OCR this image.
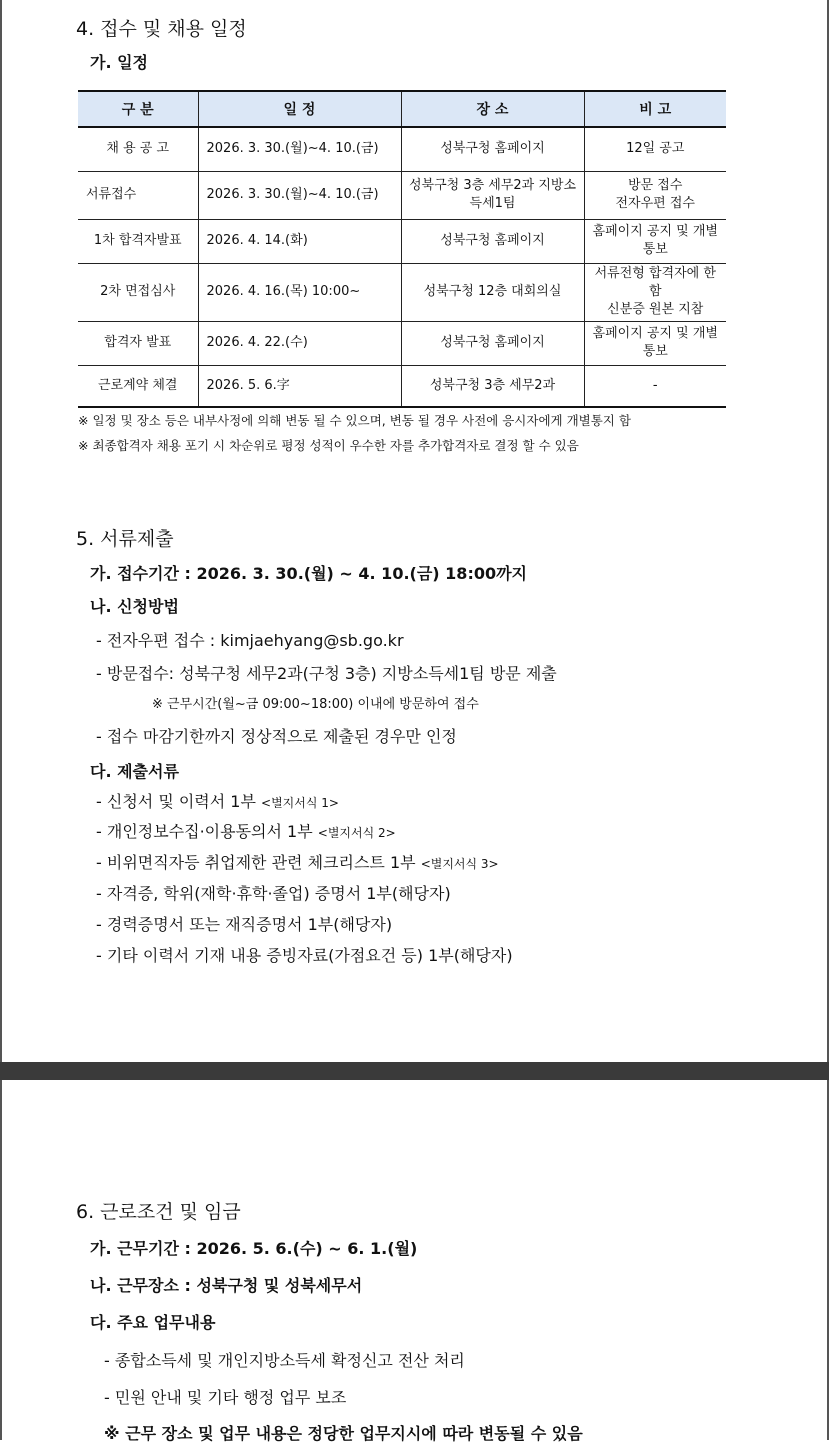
4. 접수 및 채용 일정
가. 일정
구 분	일 정	장 소	비 고
채 용 공 고	2026. 3. 30.(월)~4. 10.(금)	성북구청 홈페이지	12일 공고
서류접수	2026. 3. 30.(월)~4. 10.(금)	성북구청 3층 세무2과 지방소득세1팀	방문 접수
전자우편 접수

1차 합격자발표	2026. 4. 14.(화)	성북구청 홈페이지	홈페이지 공지 및 개별통보
2차 면접심사	2026. 4. 16.(목) 10:00~	성북구청 12층 대회의실	서류전형 합격자에 한함
신분증 원본 지참

합격자 발표	2026. 4. 22.(수)	성북구청 홈페이지	홈페이지 공지 및 개별통보
근로계약 체결	2026. 5. 6.字	성북구청 3층 세무2과	-
※ 일정 및 장소 등은 내부사정에 의해 변동 될 수 있으며, 변동 될 경우 사전에 응시자에게 개별통지 함
※ 최종합격자 채용 포기 시 차순위로 평정 성적이 우수한 자를 추가합격자로 결정 할 수 있음
5. 서류제출
가. 접수기간 : 2026. 3. 30.(월) ~ 4. 10.(금) 18:00까지
나. 신청방법
- 전자우편 접수 : kimjaehyang@sb.go.kr
- 방문접수: 성북구청 세무2과(구청 3층) 지방소득세1팀 방문 제출
※ 근무시간(월~금 09:00~18:00) 이내에 방문하여 접수
- 접수 마감기한까지 정상적으로 제출된 경우만 인정
다. 제출서류
- 신청서 및 이력서 1부 <별지서식 1>
- 개인정보수집·이용동의서 1부 <별지서식 2>
- 비위면직자등 취업제한 관련 체크리스트 1부 <별지서식 3>
- 자격증, 학위(재학·휴학·졸업) 증명서 1부(해당자)
- 경력증명서 또는 재직증명서 1부(해당자)
- 기타 이력서 기재 내용 증빙자료(가점요건 등) 1부(해당자)
6. 근로조건 및 임금
가. 근무기간 : 2026. 5. 6.(수) ~ 6. 1.(월)
나. 근무장소 : 성북구청 및 성북세무서
다. 주요 업무내용
- 종합소득세 및 개인지방소득세 확정신고 전산 처리
- 민원 안내 및 기타 행정 업무 보조
※ 근무 장소 및 업무 내용은 정당한 업무지시에 따라 변동될 수 있음
